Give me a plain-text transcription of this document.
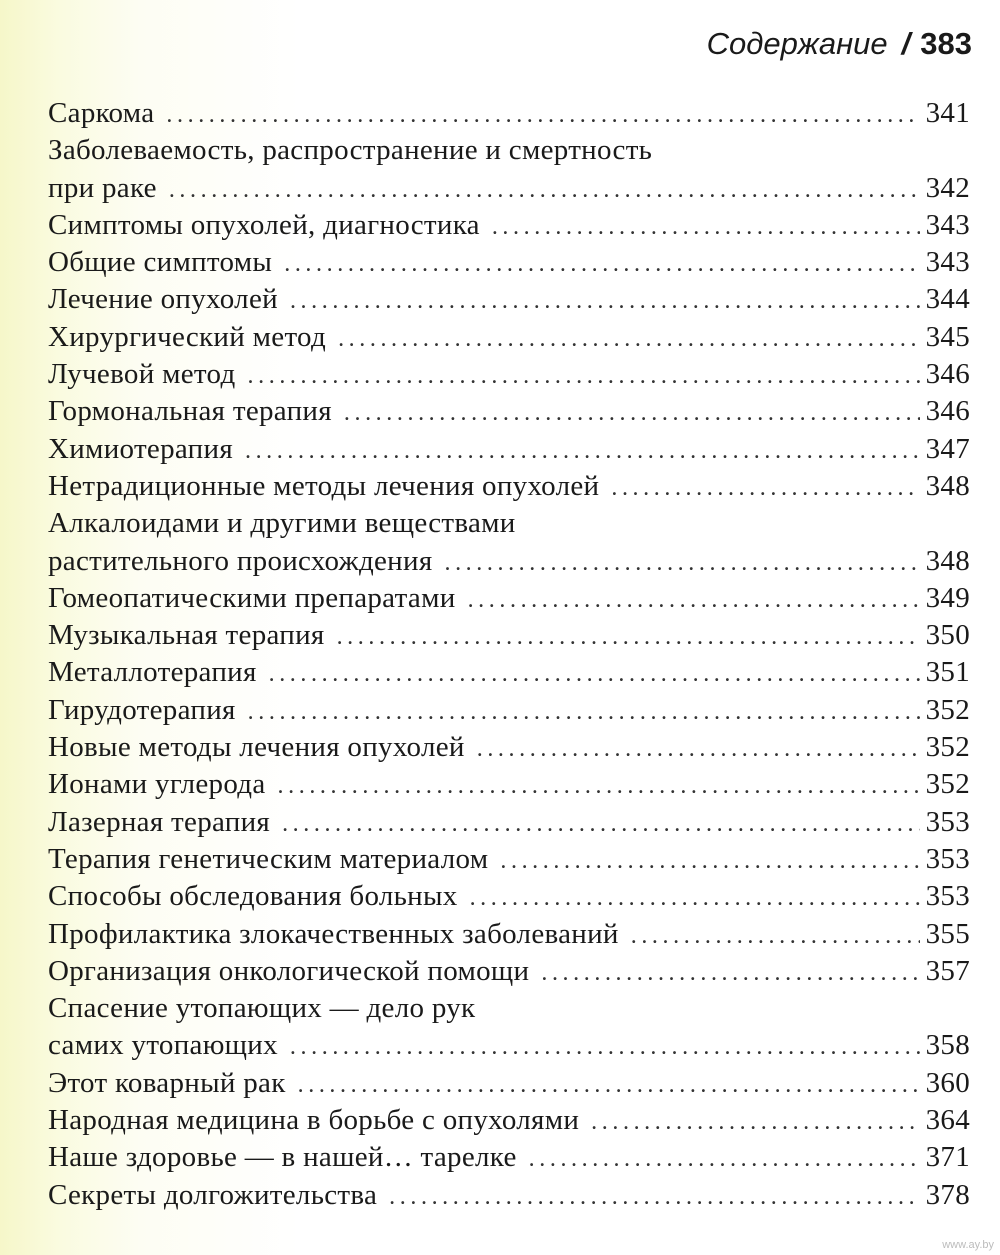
Содержание / 383
Саркома .....	341
Заболеваемость, распространение и смертность
при раке .....	342
Симптомы опухолей, диагностика .....	343
Общие симптомы .....	343
Лечение опухолей .....	344
Хирургический метод .....	345
Лучевой метод .....	346
Гормональная терапия .....	346
Химиотерапия .....	347
Нетрадиционные методы лечения опухолей .....	348
Алкалоидами и другими веществами
растительного происхождения .....	348
Гомеопатическими препаратами .....	349
Музыкальная терапия .....	350
Металлотерапия .....	351
Гирудотерапия .....	352
Новые методы лечения опухолей .....	352
Ионами углерода .....	352
Лазерная терапия .....	353
Терапия генетическим материалом .....	353
Способы обследования больных .....	353
Профилактика злокачественных заболеваний .....	355
Организация онкологической помощи .....	357
Спасение утопающих — дело рук
самих утопающих .....	358
Этот коварный рак .....	360
Народная медицина в борьбе с опухолями .....	364
Наше здоровье — в нашей… тарелке .....	371
Секреты долгожительства .....	378
www.ay.by
